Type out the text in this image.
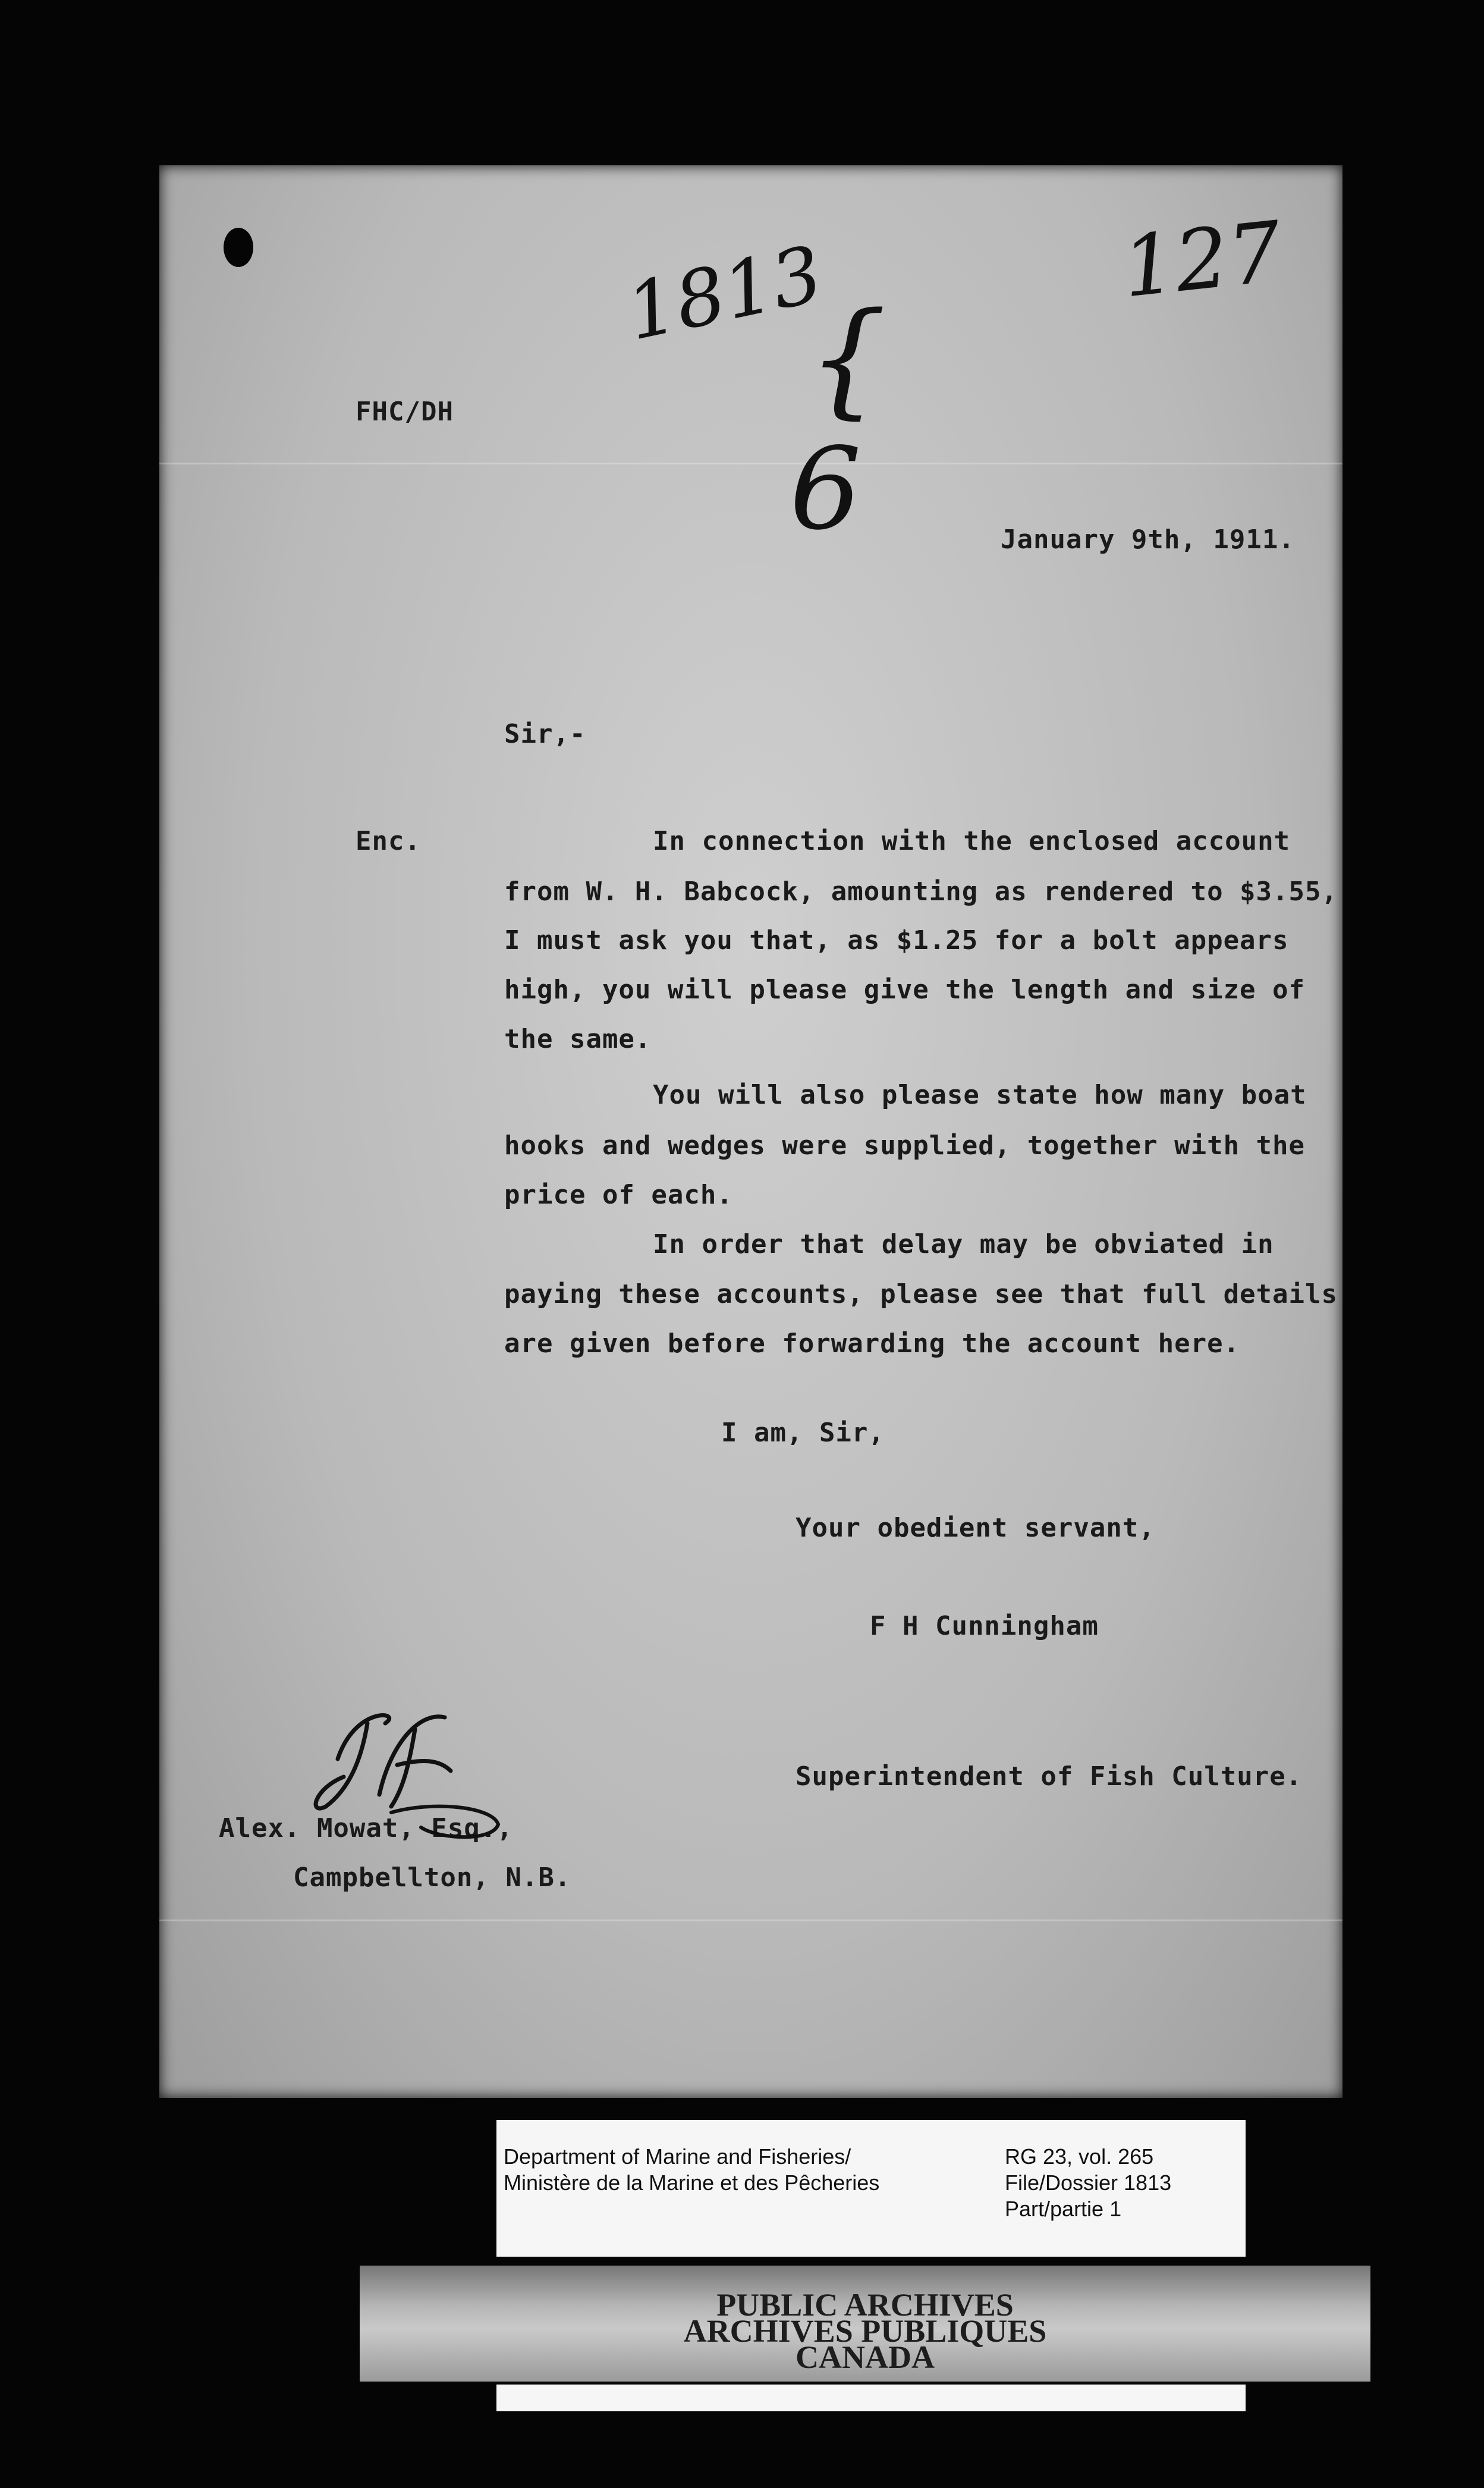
1813	127
{
6
FHC/DH
January 9th, 1911.
Sir,-
Enc.	In connection with the enclosed account
from W. H. Babcock, amounting as rendered to $3.55,
I must ask you that, as $1.25 for a bolt appears
high, you will please give the length and size of
the same.
You will also please state how many boat
hooks and wedges were supplied, together with the
price of each.
In order that delay may be obviated in
paying these accounts, please see that full details
are given before forwarding the account here.
I am, Sir,
Your obedient servant,
F H Cunningham
Superintendent of Fish Culture.
Alex. Mowat, Esq.,
Campbellton, N.B.
Department of Marine and Fisheries/
Ministère de la Marine et des Pêcheries
RG 23, vol. 265
File/Dossier 1813
Part/partie 1
PUBLIC ARCHIVES
ARCHIVES PUBLIQUES
CANADA
